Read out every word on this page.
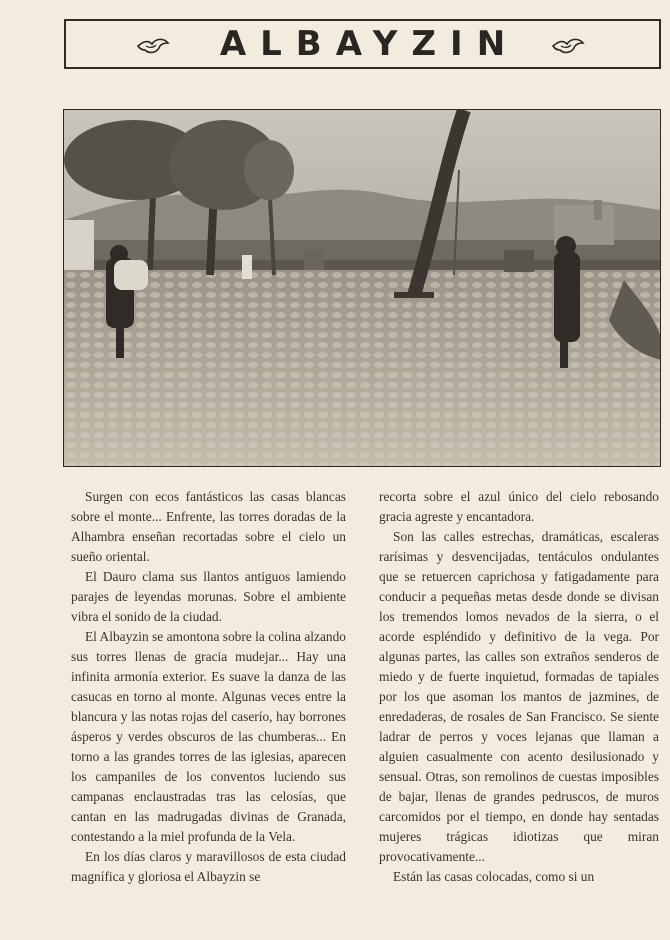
ALBAYZIN

Surgen con ecos fantásticos las casas blancas sobre el monte... Enfrente, las torres doradas de la Alhambra enseñan recortadas sobre el cielo un sueño oriental.

El Dauro clama sus llantos antiguos lamiendo parajes de leyendas morunas. Sobre el ambiente vibra el sonido de la ciudad.

El Albayzin se amontona sobre la colina alzando sus torres llenas de gracia mudejar... Hay una infinita armonía exterior. Es suave la danza de las casucas en torno al monte. Algunas veces entre la blancura y las notas rojas del caserío, hay borrones ásperos y verdes obscuros de las chumberas... En torno a las grandes torres de las iglesias, aparecen los campaniles de los conventos luciendo sus campanas enclaustradas tras las celosías, que cantan en las madrugadas divinas de Granada, contestando a la miel profunda de la Vela.

En los días claros y maravillosos de esta ciudad magnífica y gloriosa el Albayzin se

recorta sobre el azul único del cielo rebosando gracia agreste y encantadora.

Son las calles estrechas, dramáticas, escaleras rarísimas y desvencijadas, tentáculos ondulantes que se retuercen caprichosa y fatigadamente para conducir a pequeñas metas desde donde se divisan los tremendos lomos nevados de la sierra, o el acorde espléndido y definitivo de la vega. Por algunas partes, las calles son extraños senderos de miedo y de fuerte inquietud, formadas de tapiales por los que asoman los mantos de jazmines, de enredaderas, de rosales de San Francisco. Se siente ladrar de perros y voces lejanas que llaman a alguien casualmente con acento desilusionado y sensual. Otras, son remolinos de cuestas imposibles de bajar, llenas de grandes pedruscos, de muros carcomidos por el tiempo, en donde hay sentadas mujeres trágicas idiotizas que miran provocativamente...

Están las casas colocadas, como si un
